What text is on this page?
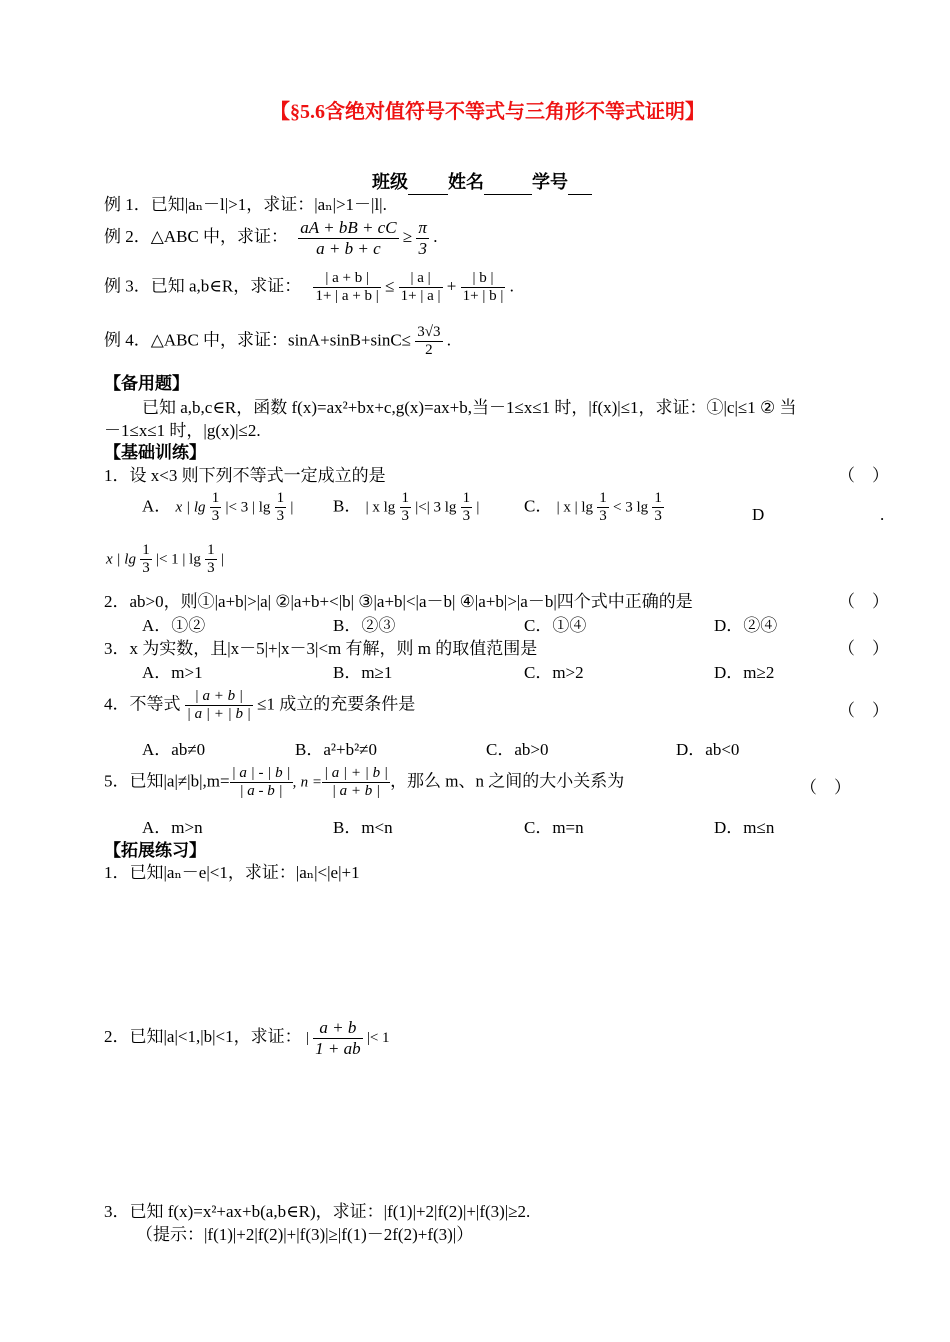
【§5.6含绝对值符号不等式与三角形不等式证明】
班级 姓名	学号
例 1．已知|aₙ－l|>1，求证：|aₙ|>1－|l|.
例 2．△ABC 中，求证： $\frac{aA + bB + cC}{a + b + c} \ge \frac{\pi}{3}$ .
例 3．已知 a,b∈R，求证： $\frac{| a + b |}{1+ | a + b |} \le \frac{| a |}{1+ | a |} + \frac{| b |}{1+ | b |}$ .
例 4．△ABC 中，求证：$\sin A+\sin B+\sin C\le \frac{3√3}{2}$ .
【备用题】
已知 a,b,c∈R，函数 f(x)=ax²+bx+c,g(x)=ax+b,当－1≤x≤1 时，|f(x)|≤1，求证：①|c|≤1 ② 当
－1≤x≤1 时，|g(x)|≤2.
【基础训练】
1．设 x<3 则下列不等式一定成立的是	（　）
A． x | $\lg \frac{1}{3}$ |< 3 | $\lg \frac{1}{3}$ | B． | x $\lg \frac{1}{3}$ |<| 3 $\lg \frac{1}{3}$ |	C． | x | $\lg \frac{1}{3} < 3$ $\lg \frac{1}{3}$	D	.
x | $\lg \frac{1}{3}$ |< 1 | $\lg \frac{1}{3}$ |
2．ab>0，则①|a+b|>|a| ②|a+b+<|b| ③|a+b|<|a－b| ④|a+b|>|a－b|四个式中正确的是	（　）
A．①②	B．②③	C．①④	D．②④
3．x 为实数，且|x－5|+|x－3|<m 有解，则 m 的取值范围是	（　）
A．m>1	B．m≥1	C．m>2	D．m≥2
4．不等式 $\frac{| a + b |}{| a | + | b |} \le 1$ 成立的充要条件是	（　）
A．ab≠0	B．a²+b²≠0	C．ab>0	D．ab<0
5．已知$|a|\ne|b|,m= \frac{| a | - | b |}{| a - b |}$ , $n = \frac{| a | + | b |}{| a + b |}$ ，那么 m、n 之间的大小关系为	（　）
A．m>n	B．m<n	C．m=n	D．m≤n
【拓展练习】
1．已知|aₙ－e|<1，求证：|aₙ|<|e|+1
2．已知|a|<1,|b|<1，求证： | $\frac{a + b}{1 + ab}$ |< 1
3．已知 f(x)=x²+ax+b(a,b∈R)，求证：|f(1)|+2|f(2)|+|f(3)|≥2.
（提示：|f(1)|+2|f(2)|+|f(3)|≥|f(1)－2f(2)+f(3)|）
